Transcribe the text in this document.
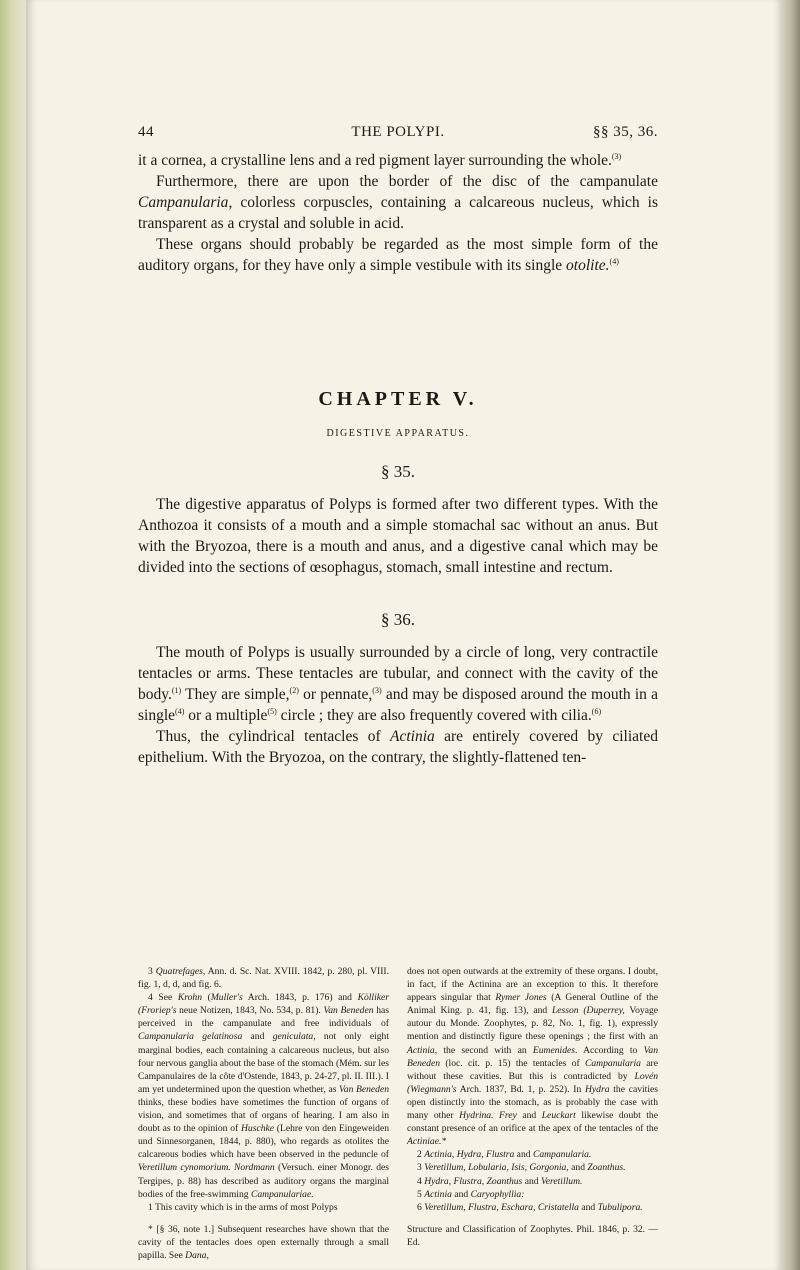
44	THE POLYPI.	§§ 35, 36.

it a cornea, a crystalline lens and a red pigment layer surrounding the whole.$^{(3)}$

Furthermore, there are upon the border of the disc of the campanulate Campanularia, colorless corpuscles, containing a calcareous nucleus, which is transparent as a crystal and soluble in acid.

These organs should probably be regarded as the most simple form of the auditory organs, for they have only a simple vestibule with its single otolite.$^{(4)}$

CHAPTER V.
DIGESTIVE APPARATUS.
§ 35.

The digestive apparatus of Polyps is formed after two different types. With the Anthozoa it consists of a mouth and a simple stomachal sac without an anus. But with the Bryozoa, there is a mouth and anus, and a digestive canal which may be divided into the sections of œsophagus, stomach, small intestine and rectum.

§ 36.

The mouth of Polyps is usually surrounded by a circle of long, very contractile tentacles or arms. These tentacles are tubular, and connect with the cavity of the body.$^{(1)}$ They are simple,$^{(2)}$ or pennate,$^{(3)}$ and may be disposed around the mouth in a single$^{(4)}$ or a multiple$^{(5)}$ circle ; they are also frequently covered with cilia.$^{(6)}$

Thus, the cylindrical tentacles of Actinia are entirely covered by ciliated epithelium. With the Bryozoa, on the contrary, the slightly-flattened ten-

3 Quatrefages, Ann. d. Sc. Nat. XVIII. 1842, p. 280, pl. VIII. fig. 1, d, d, and fig. 6.

4 See Krohn (Muller's Arch. 1843, p. 176) and Kölliker (Froriep's neue Notizen, 1843, No. 534, p. 81). Van Beneden has perceived in the campanulate and free individuals of Campanularia gelatinosa and geniculata, not only eight marginal bodies, each containing a calcareous nucleus, but also four nervous ganglia about the base of the stomach (Mém. sur les Campanulaires de la côte d'Ostende, 1843, p. 24-27, pl. II. III.). I am yet undetermined upon the question whether, as Van Beneden thinks, these bodies have sometimes the function of organs of vision, and sometimes that of organs of hearing. I am also in doubt as to the opinion of Huschke (Lehre von den Eingeweiden und Sinnesorganen, 1844, p. 880), who regards as otolites the calcareous bodies which have been observed in the peduncle of Veretillum cynomorium. Nordmann (Versuch. einer Monogr. des Tergipes, p. 88) has described as auditory organs the marginal bodies of the free-swimming Campanulariae.

1 This cavity which is in the arms of most Polyps

* [§ 36, note 1.] Subsequent researches have shown that the cavity of the tentacles does open externally through a small papilla. See Dana,

does not open outwards at the extremity of these organs. I doubt, in fact, if the Actinina are an exception to this. It therefore appears singular that Rymer Jones (A General Outline of the Animal King. p. 41, fig. 13), and Lesson (Duperrey, Voyage autour du Monde. Zoophytes, p. 82, No. 1, fig. 1), expressly mention and distinctly figure these openings ; the first with an Actinia, the second with an Eumenides. According to Van Beneden (loc. cit. p. 15) the tentacles of Campanularia are without these cavities. But this is contradicted by Lovén (Wiegmann's Arch. 1837, Bd. 1, p. 252). In Hydra the cavities open distinctly into the stomach, as is probably the case with many other Hydrina. Frey and Leuckart likewise doubt the constant presence of an orifice at the apex of the tentacles of the Actiniae.*

2 Actinia, Hydra, Flustra and Campanularia.

3 Veretillum, Lobularia, Isis, Gorgonia, and Zoanthus.

4 Hydra, Flustra, Zoanthus and Veretillum.

5 Actinia and Caryophyllia:

6 Veretillum, Flustra, Eschara, Cristatella and Tubulipora.

Structure and Classification of Zoophytes. Phil. 1846, p. 32. — Ed.
